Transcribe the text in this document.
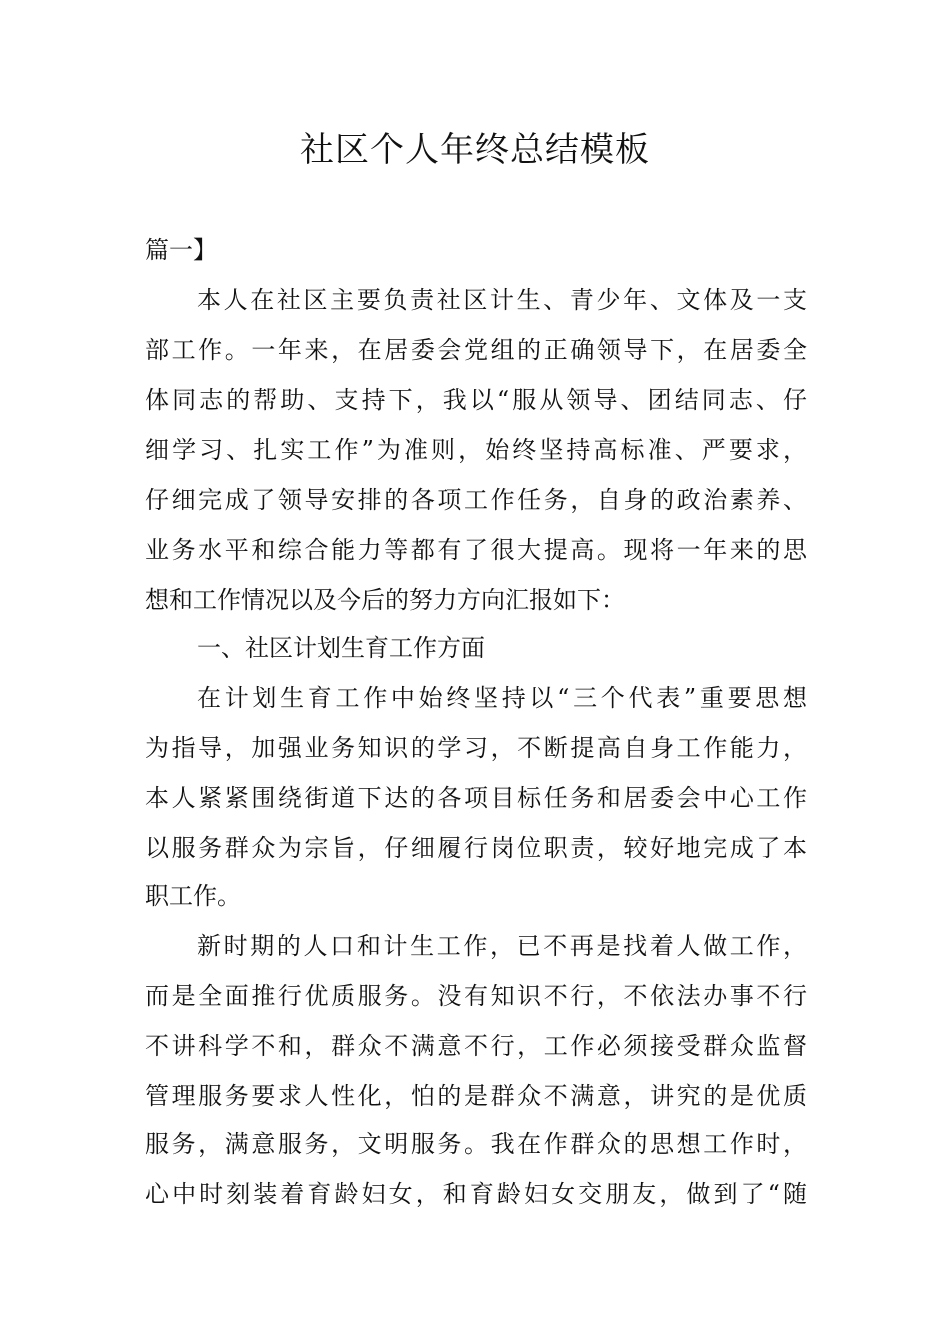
社区个人年终总结模板
篇一】
本人在社区主要负责社区计生、青少年、文体及一支
部工作。一年来，在居委会党组的正确领导下，在居委全
体同志的帮助、支持下，我以“服从领导、团结同志、仔
细学习、扎实工作”为准则，始终坚持高标准、严要求，
仔细完成了领导安排的各项工作任务，自身的政治素养、
业务水平和综合能力等都有了很大提高。现将一年来的思
想和工作情况以及今后的努力方向汇报如下：
一、社区计划生育工作方面
在计划生育工作中始终坚持以“三个代表”重要思想
为指导，加强业务知识的学习，不断提高自身工作能力，
本人紧紧围绕街道下达的各项目标任务和居委会中心工作
以服务群众为宗旨，仔细履行岗位职责，较好地完成了本
职工作。
新时期的人口和计生工作，已不再是找着人做工作，
而是全面推行优质服务。没有知识不行，不依法办事不行
不讲科学不和，群众不满意不行，工作必须接受群众监督
管理服务要求人性化，怕的是群众不满意，讲究的是优质
服务，满意服务，文明服务。我在作群众的思想工作时，
心中时刻装着育龄妇女，和育龄妇女交朋友，做到了“随
